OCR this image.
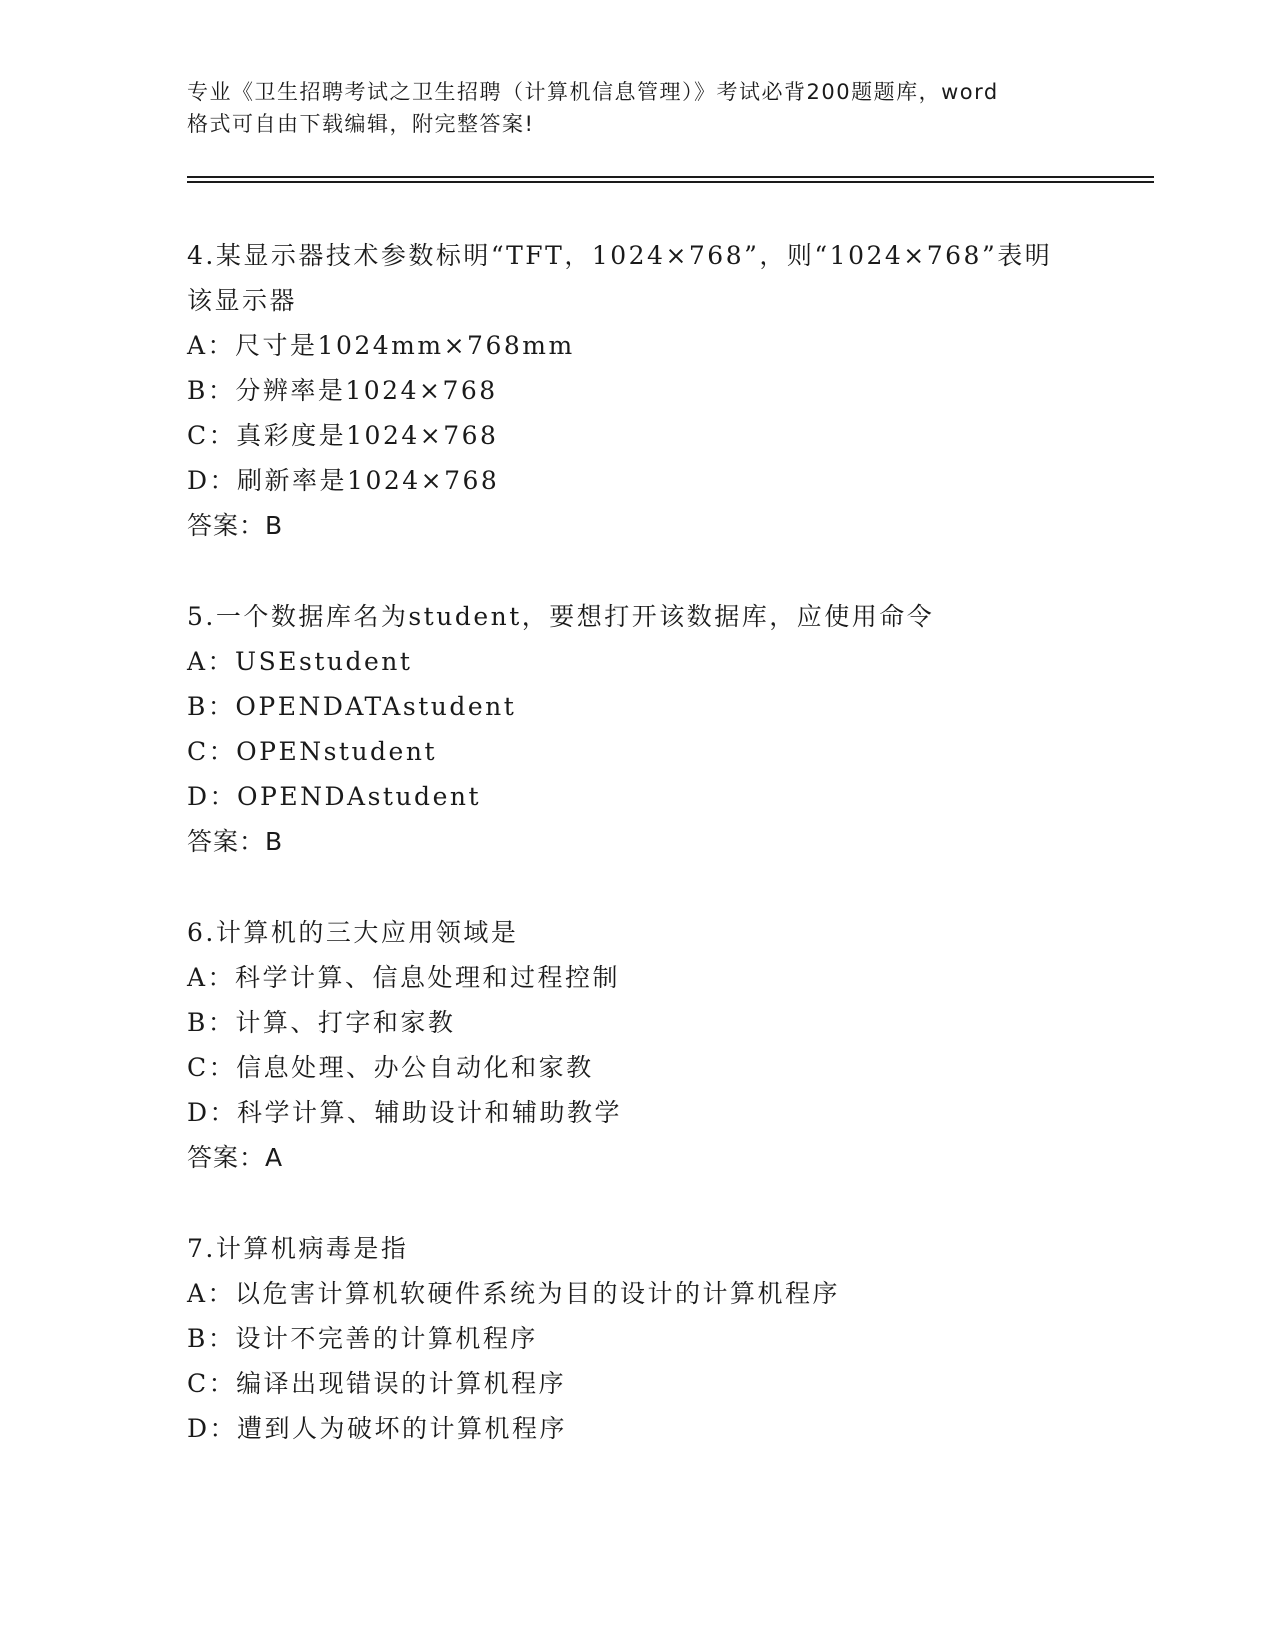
专业《卫生招聘考试之卫生招聘（计算机信息管理）》考试必背200题题库，word
格式可自由下载编辑，附完整答案!
4.某显示器技术参数标明“TFT，1024×768”，则“1024×768”表明
该显示器
A：尺寸是1024mm×768mm
B：分辨率是1024×768
C：真彩度是1024×768
D：刷新率是1024×768
答案：B
5.一个数据库名为student，要想打开该数据库，应使用命令
A：USEstudent
B：OPENDATAstudent
C：OPENstudent
D：OPENDAstudent
答案：B
6.计算机的三大应用领域是
A：科学计算、信息处理和过程控制
B：计算、打字和家教
C：信息处理、办公自动化和家教
D：科学计算、辅助设计和辅助教学
答案：A
7.计算机病毒是指
A：以危害计算机软硬件系统为目的设计的计算机程序
B：设计不完善的计算机程序
C：编译出现错误的计算机程序
D：遭到人为破坏的计算机程序
